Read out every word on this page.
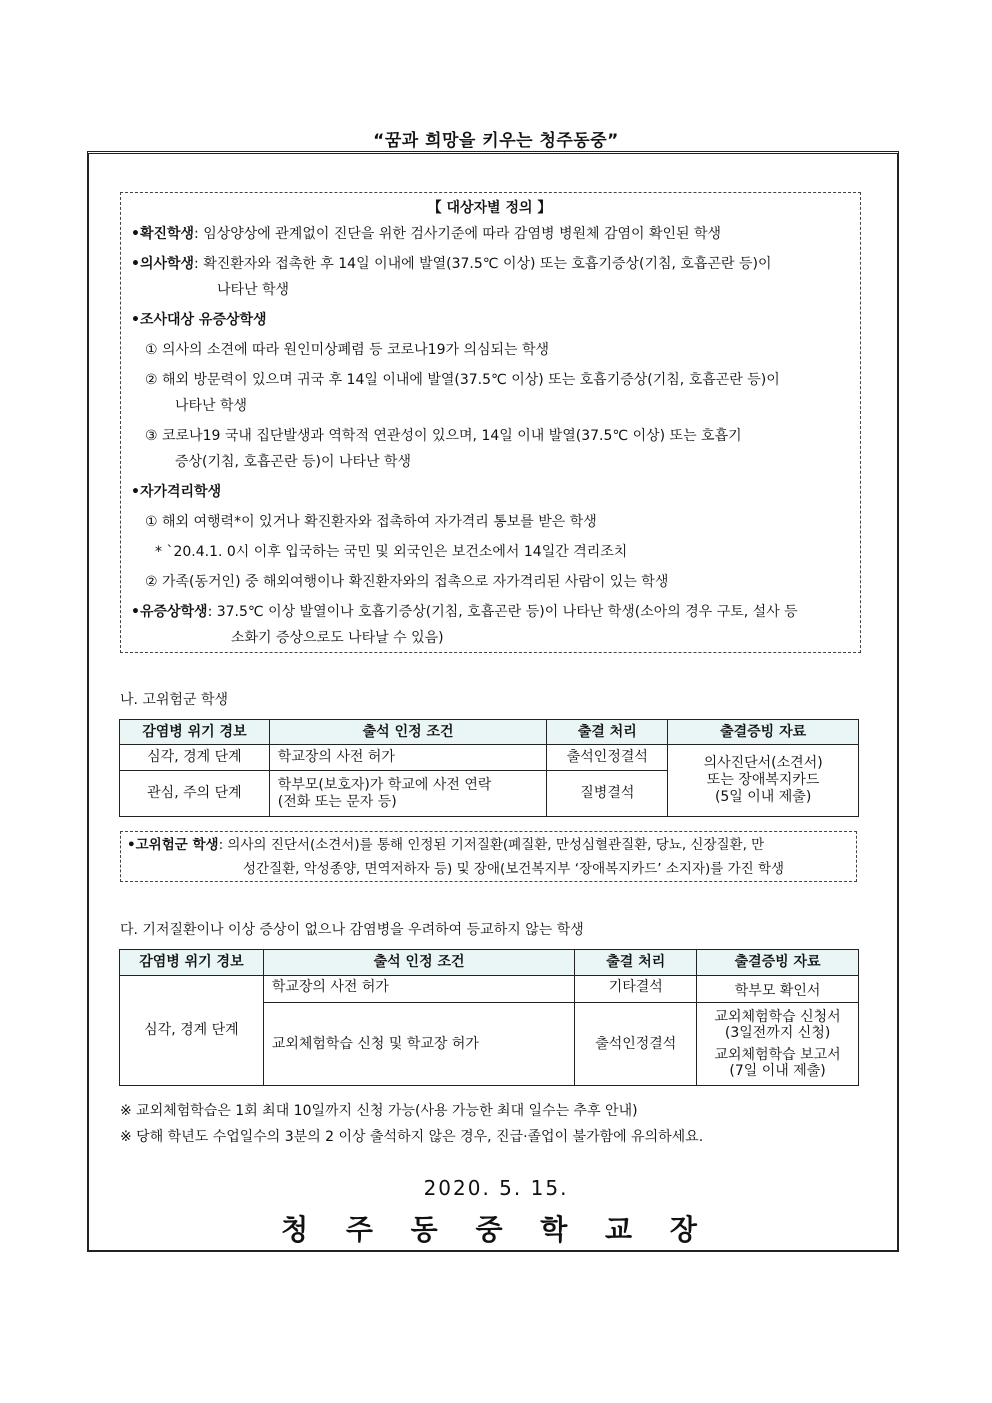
“꿈과 희망을 키우는 청주동중”
【 대상자별 정의 】
•확진학생: 임상양상에 관계없이 진단을 위한 검사기준에 따라 감염병 병원체 감염이 확인된 학생
•의사학생: 확진환자와 접촉한 후 14일 이내에 발열(37.5℃ 이상) 또는 호흡기증상(기침, 호흡곤란 등)이
나타난 학생
•조사대상 유증상학생
① 의사의 소견에 따라 원인미상폐렴 등 코로나19가 의심되는 학생
② 해외 방문력이 있으며 귀국 후 14일 이내에 발열(37.5℃ 이상) 또는 호흡기증상(기침, 호흡곤란 등)이
나타난 학생
③ 코로나19 국내 집단발생과 역학적 연관성이 있으며, 14일 이내 발열(37.5℃ 이상) 또는 호흡기
증상(기침, 호흡곤란 등)이 나타난 학생
•자가격리학생
① 해외 여행력*이 있거나 확진환자와 접촉하여 자가격리 통보를 받은 학생
* `20.4.1. 0시 이후 입국하는 국민 및 외국인은 보건소에서 14일간 격리조치
② 가족(동거인) 중 해외여행이나 확진환자와의 접촉으로 자가격리된 사람이 있는 학생
•유증상학생: 37.5℃ 이상 발열이나 호흡기증상(기침, 호흡곤란 등)이 나타난 학생(소아의 경우 구토, 설사 등
소화기 증상으로도 나타날 수 있음)
나. 고위험군 학생
감염병 위기 경보	출석 인정 조건	출결 처리	출결증빙 자료
심각, 경계 단계	학교장의 사전 허가	출석인정결석	의사진단서(소견서)
또는 장애복지카드
(5일 이내 제출)

관심, 주의 단계	학부모(보호자)가 학교에 사전 연락
(전화 또는 문자 등)	질병결석	
•고위험군 학생: 의사의 진단서(소견서)를 통해 인정된 기저질환(폐질환, 만성심혈관질환, 당뇨, 신장질환, 만
성간질환, 악성종양, 면역저하자 등) 및 장애(보건복지부 ‘장애복지카드’ 소지자)를 가진 학생
다. 기저질환이나 이상 증상이 없으나 감염병을 우려하여 등교하지 않는 학생
감염병 위기 경보	출석 인정 조건	출결 처리	출결증빙 자료
심각, 경계 단계	학교장의 사전 허가	기타결석	학부모 확인서
	교외체험학습 신청 및 학교장 허가	출석인정결석	교외체험학습 신청서
(3일전까지 신청)
교외체험학습 보고서
(7일 이내 제출)
※ 교외체험학습은 1회 최대 10일까지 신청 가능(사용 가능한 최대 일수는 추후 안내)
※ 당해 학년도 수업일수의 3분의 2 이상 출석하지 않은 경우, 진급·졸업이 불가함에 유의하세요.
2020. 5. 15.
청 주 동 중 학 교 장
